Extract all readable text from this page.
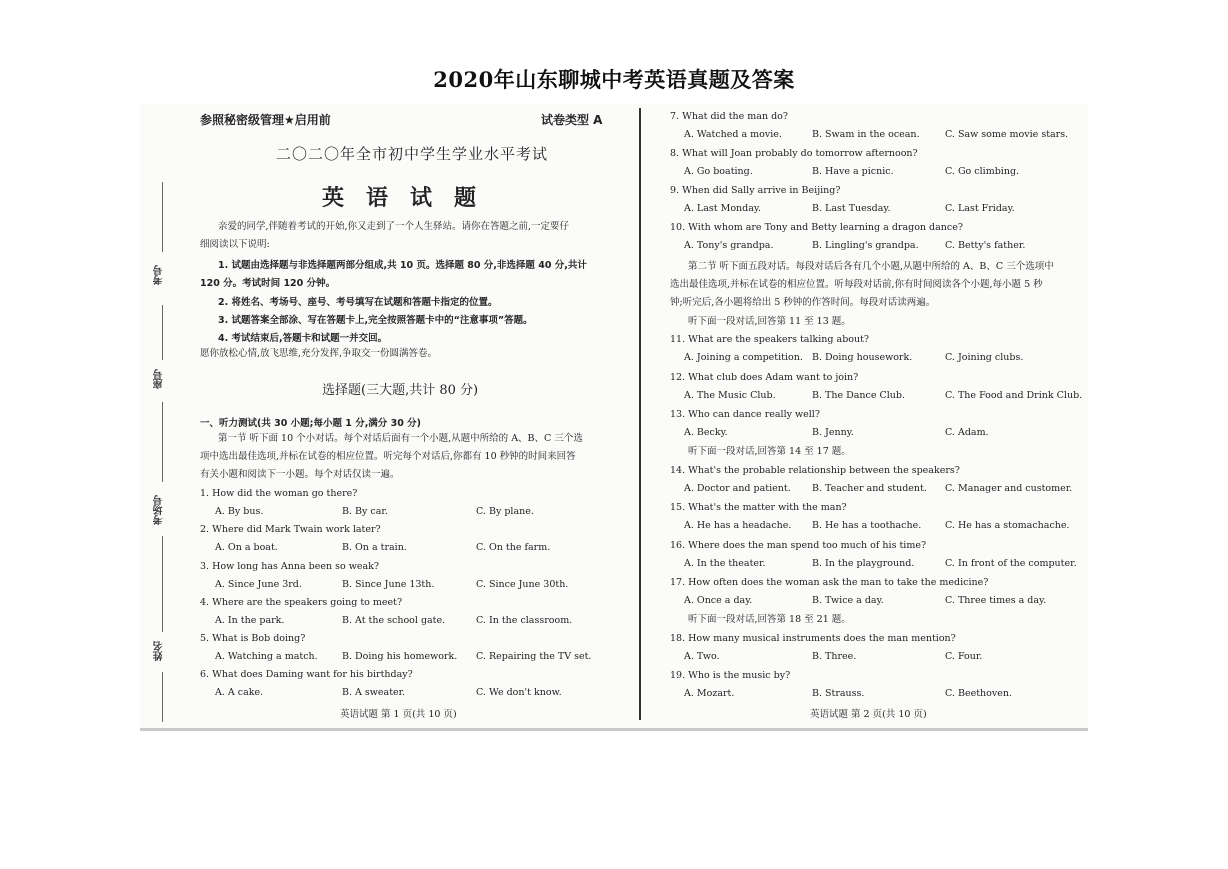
2020年山东聊城中考英语真题及答案
考号
座号
考场号
姓名
参照秘密级管理★启用前	试卷类型 A
二〇二〇年全市初中学生学业水平考试
英语试题
亲爱的同学,伴随着考试的开始,你又走到了一个人生驿站。请你在答题之前,一定要仔
细阅读以下说明:
1. 试题由选择题与非选择题两部分组成,共 10 页。选择题 80 分,非选择题 40 分,共计
120 分。考试时间 120 分钟。
2. 将姓名、考场号、座号、考号填写在试题和答题卡指定的位置。
3. 试题答案全部涂、写在答题卡上,完全按照答题卡中的“注意事项”答题。
4. 考试结束后,答题卡和试题一并交回。
愿你放松心情,放飞思维,充分发挥,争取交一份圆满答卷。
选择题(三大题,共计 80 分)
一、听力测试(共 30 小题;每小题 1 分,满分 30 分)
第一节 听下面 10 个小对话。每个对话后面有一个小题,从题中所给的 A、B、C 三个选
项中选出最佳选项,并标在试卷的相应位置。听完每个对话后,你都有 10 秒钟的时间来回答
有关小题和阅读下一小题。每个对话仅读一遍。
1. How did the woman go there?
A. By bus.	B. By car.	C. By plane.
2. Where did Mark Twain work later?
A. On a boat.	B. On a train.	C. On the farm.
3. How long has Anna been so weak?
A. Since June 3rd.	B. Since June 13th.	C. Since June 30th.
4. Where are the speakers going to meet?
A. In the park.	B. At the school gate.	C. In the classroom.
5. What is Bob doing?
A. Watching a match.	B. Doing his homework. C. Repairing the TV set.
6. What does Daming want for his birthday?
A. A cake.	B. A sweater.	C. We don't know.
英语试题 第 1 页(共 10 页)
7. What did the man do?
A. Watched a movie.	B. Swam in the ocean.	C. Saw some movie stars.
8. What will Joan probably do tomorrow afternoon?
A. Go boating.	B. Have a picnic.	C. Go climbing.
9. When did Sally arrive in Beijing?
A. Last Monday.	B. Last Tuesday.	C. Last Friday.
10. With whom are Tony and Betty learning a dragon dance?
A. Tony's grandpa.	B. Lingling's grandpa.	C. Betty's father.
第二节 听下面五段对话。每段对话后各有几个小题,从题中所给的 A、B、C 三个选项中
选出最佳选项,并标在试卷的相应位置。听每段对话前,你有时间阅读各个小题,每小题 5 秒
钟;听完后,各小题将给出 5 秒钟的作答时间。每段对话读两遍。
听下面一段对话,回答第 11 至 13 题。
11. What are the speakers talking about?
A. Joining a competition. B. Doing housework.	C. Joining clubs.
12. What club does Adam want to join?
A. The Music Club.	B. The Dance Club.	C. The Food and Drink Club.
13. Who can dance really well?
A. Becky.	B. Jenny.	C. Adam.
听下面一段对话,回答第 14 至 17 题。
14. What's the probable relationship between the speakers?
A. Doctor and patient. B. Teacher and student. C. Manager and customer.
15. What's the matter with the man?
A. He has a headache. B. He has a toothache.	C. He has a stomachache.
16. Where does the man spend too much of his time?
A. In the theater.	B. In the playground.	C. In front of the computer.
17. How often does the woman ask the man to take the medicine?
A. Once a day.	B. Twice a day.	C. Three times a day.
听下面一段对话,回答第 18 至 21 题。
18. How many musical instruments does the man mention?
A. Two.	B. Three.	C. Four.
19. Who is the music by?
A. Mozart.	B. Strauss.	C. Beethoven.
英语试题 第 2 页(共 10 页)
